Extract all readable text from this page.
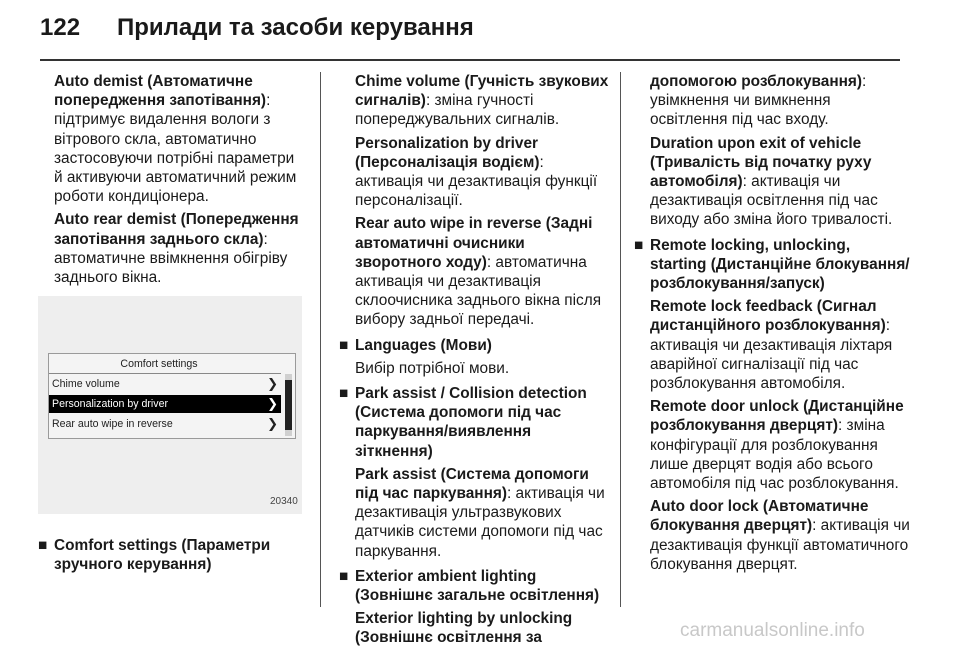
122 Прилади та засоби керування
Auto demist (Автоматичне попередження запотівання): підтримує видалення вологи з вітрового скла, автоматично застосовуючи потрібні параметри й активуючи автоматичний режим роботи кондиціонера.
Auto rear demist (Попередження запотівання заднього скла): автоматичне ввімкнення обігріву заднього вікна.
Comfort settings
Chime volume	❯
Personalization by driver	❯
Rear auto wipe in reverse	❯
20340
■ Comfort settings (Параметри зручного керування)
Chime volume (Гучність звукових сигналів): зміна гучності попереджувальних сигналів.
Personalization by driver (Персоналізація водієм): активація чи дезактивація функції персоналізації.
Rear auto wipe in reverse (Задні автоматичні очисники зворотного ходу): автоматична активація чи дезактивація склоочисника заднього вікна після вибору задньої передачі.
■ Languages (Мови)
Вибір потрібної мови.
■ Park assist / Collision detection (Система допомоги під час паркування/виявлення зіткнення)
Park assist (Система допомоги під час паркування): активація чи дезактивація ультразвукових датчиків системи допомоги під час паркування.
■ Exterior ambient lighting (Зовнішнє загальне освітлення)
Exterior lighting by unlocking (Зовнішнє освітлення за
допомогою розблокування): увімкнення чи вимкнення освітлення під час входу.
Duration upon exit of vehicle (Тривалість від початку руху автомобіля): активація чи дезактивація освітлення під час виходу або зміна його тривалості.
■ Remote locking, unlocking, starting (Дистанційне блокування/розблокування/запуск)
Remote lock feedback (Сигнал дистанційного розблокування): активація чи дезактивація ліхтаря аварійної сигналізації під час розблокування автомобіля.
Remote door unlock (Дистанційне розблокування дверцят): зміна конфігурації для розблокування лише дверцят водія або всього автомобіля під час розблокування.
Auto door lock (Автоматичне блокування дверцят): активація чи дезактивація функції автоматичного блокування дверцят.
carmanualsonline.info
